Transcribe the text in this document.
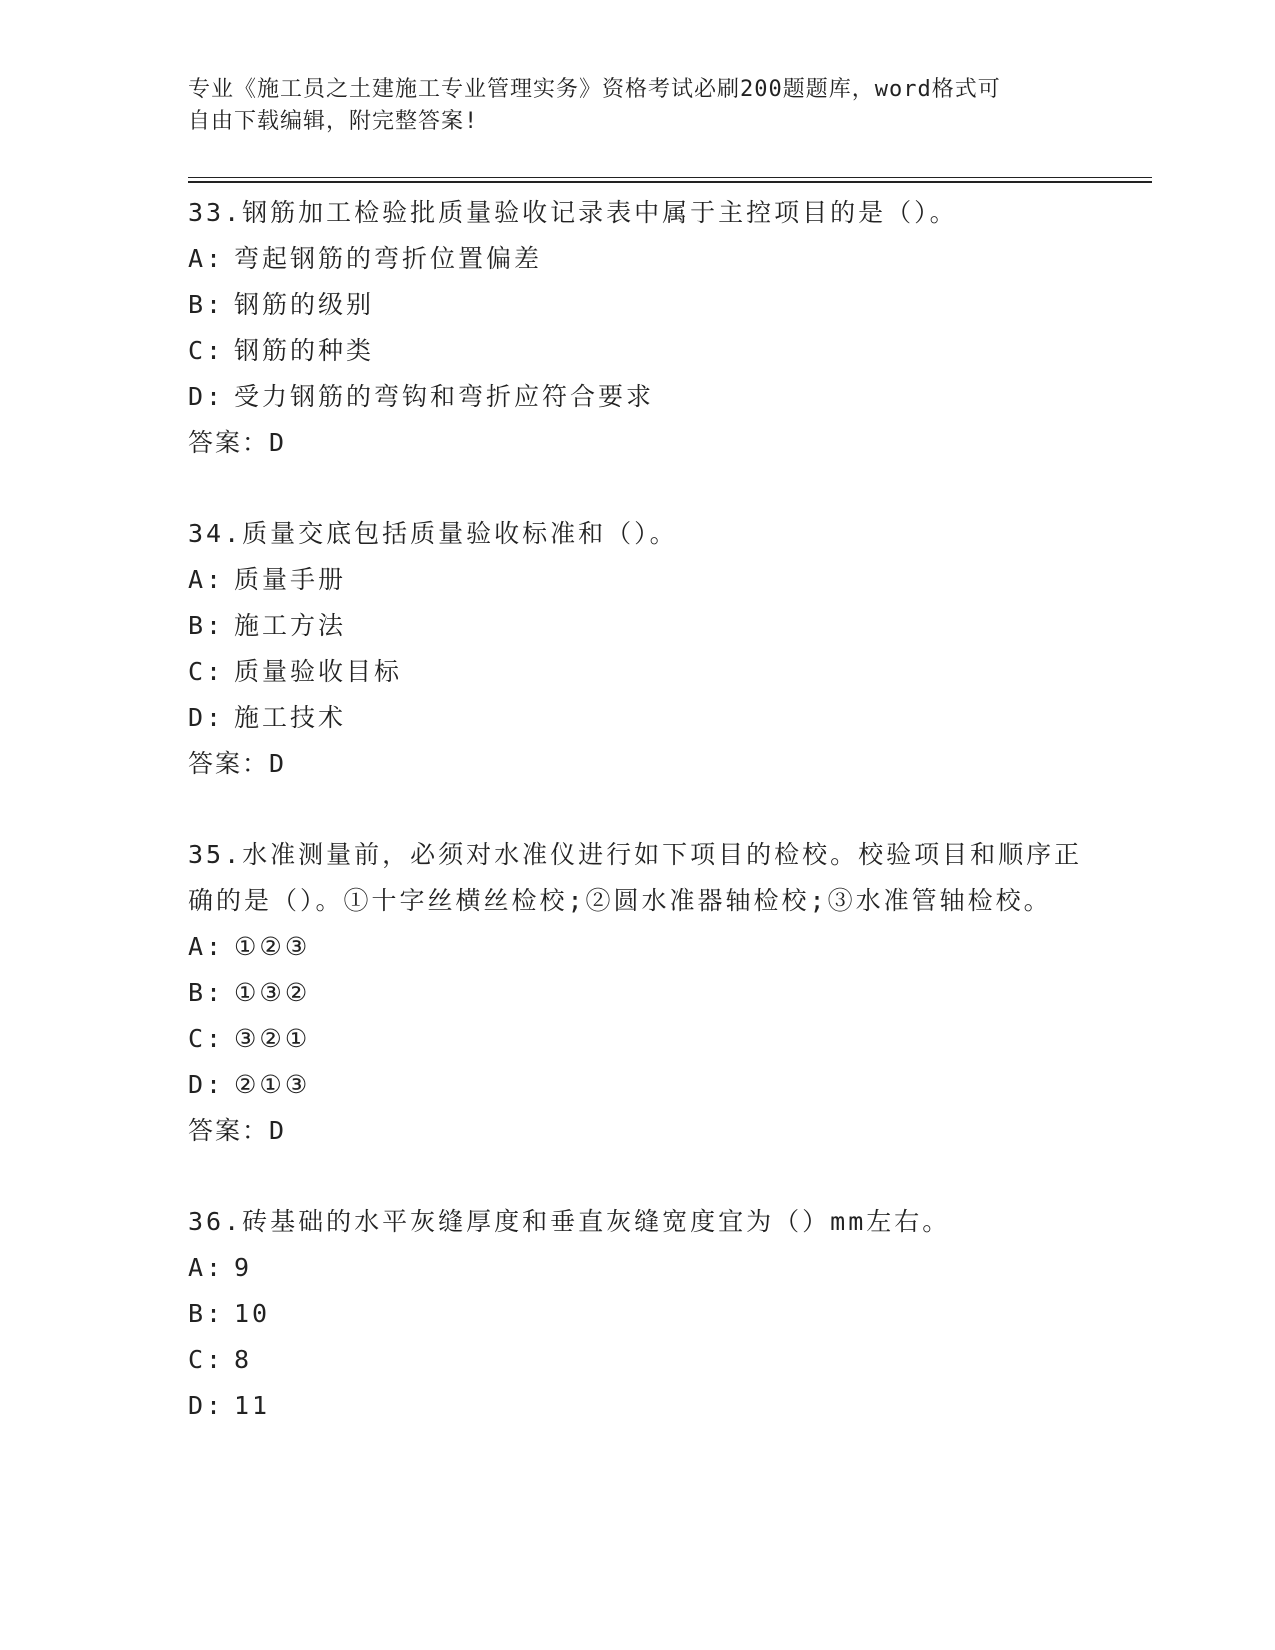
专业《施工员之土建施工专业管理实务》资格考试必刷200题题库，word格式可
自由下载编辑，附完整答案!

33.钢筋加工检验批质量验收记录表中属于主控项目的是（）。

A: 弯起钢筋的弯折位置偏差

B: 钢筋的级别

C: 钢筋的种类

D: 受力钢筋的弯钩和弯折应符合要求

答案：D

34.质量交底包括质量验收标准和（）。

A: 质量手册

B: 施工方法

C: 质量验收目标

D: 施工技术

答案：D

35.水准测量前，必须对水准仪进行如下项目的检校。校验项目和顺序正确的是（）。①十字丝横丝检校;②圆水准器轴检校;③水准管轴检校。

A: ①②③

B: ①③②

C: ③②①

D: ②①③

答案：D

36.砖基础的水平灰缝厚度和垂直灰缝宽度宜为（）mm左右。

A: 9

B: 10

C: 8

D: 11
